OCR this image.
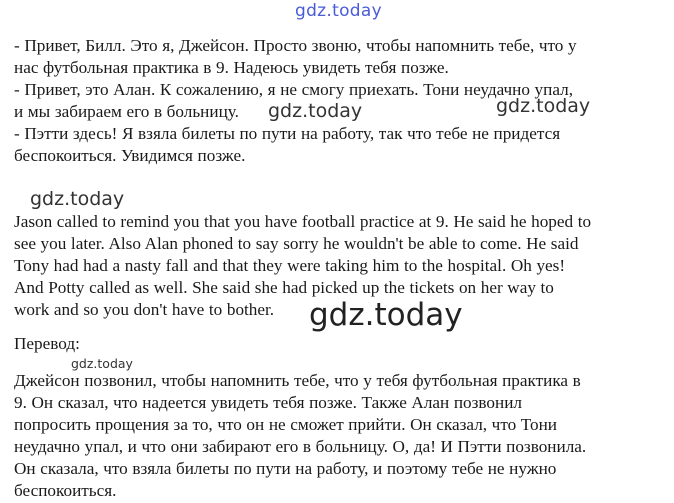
- Привет, Билл. Это я, Джейсон. Просто звоню, чтобы напомнить тебе, что у
нас футбольная практика в 9. Надеюсь увидеть тебя позже.
- Привет, это Алан. К сожалению, я не смогу приехать. Тони неудачно упал,
и мы забираем его в больницу.
- Пэтти здесь! Я взяла билеты по пути на работу, так что тебе не придется
беспокоиться. Увидимся позже.
Jason called to remind you that you have football practice at 9. He said he hoped to
see you later. Also Alan phoned to say sorry he wouldn't be able to come. He said
Tony had had a nasty fall and that they were taking him to the hospital. Oh yes!
And Potty called as well. She said she had picked up the tickets on her way to
work and so you don't have to bother.
Перевод:
Джейсон позвонил, чтобы напомнить тебе, что у тебя футбольная практика в
9. Он сказал, что надеется увидеть тебя позже. Также Алан позвонил
попросить прощения за то, что он не сможет прийти. Он сказал, что Тони
неудачно упал, и что они забирают его в больницу. О, да! И Пэтти позвонила.
Он сказала, что взяла билеты по пути на работу, и поэтому тебе не нужно
беспокоиться.
gdz.today
gdz.today	gdz.today
gdz.today
gdz.today
gdz.today
